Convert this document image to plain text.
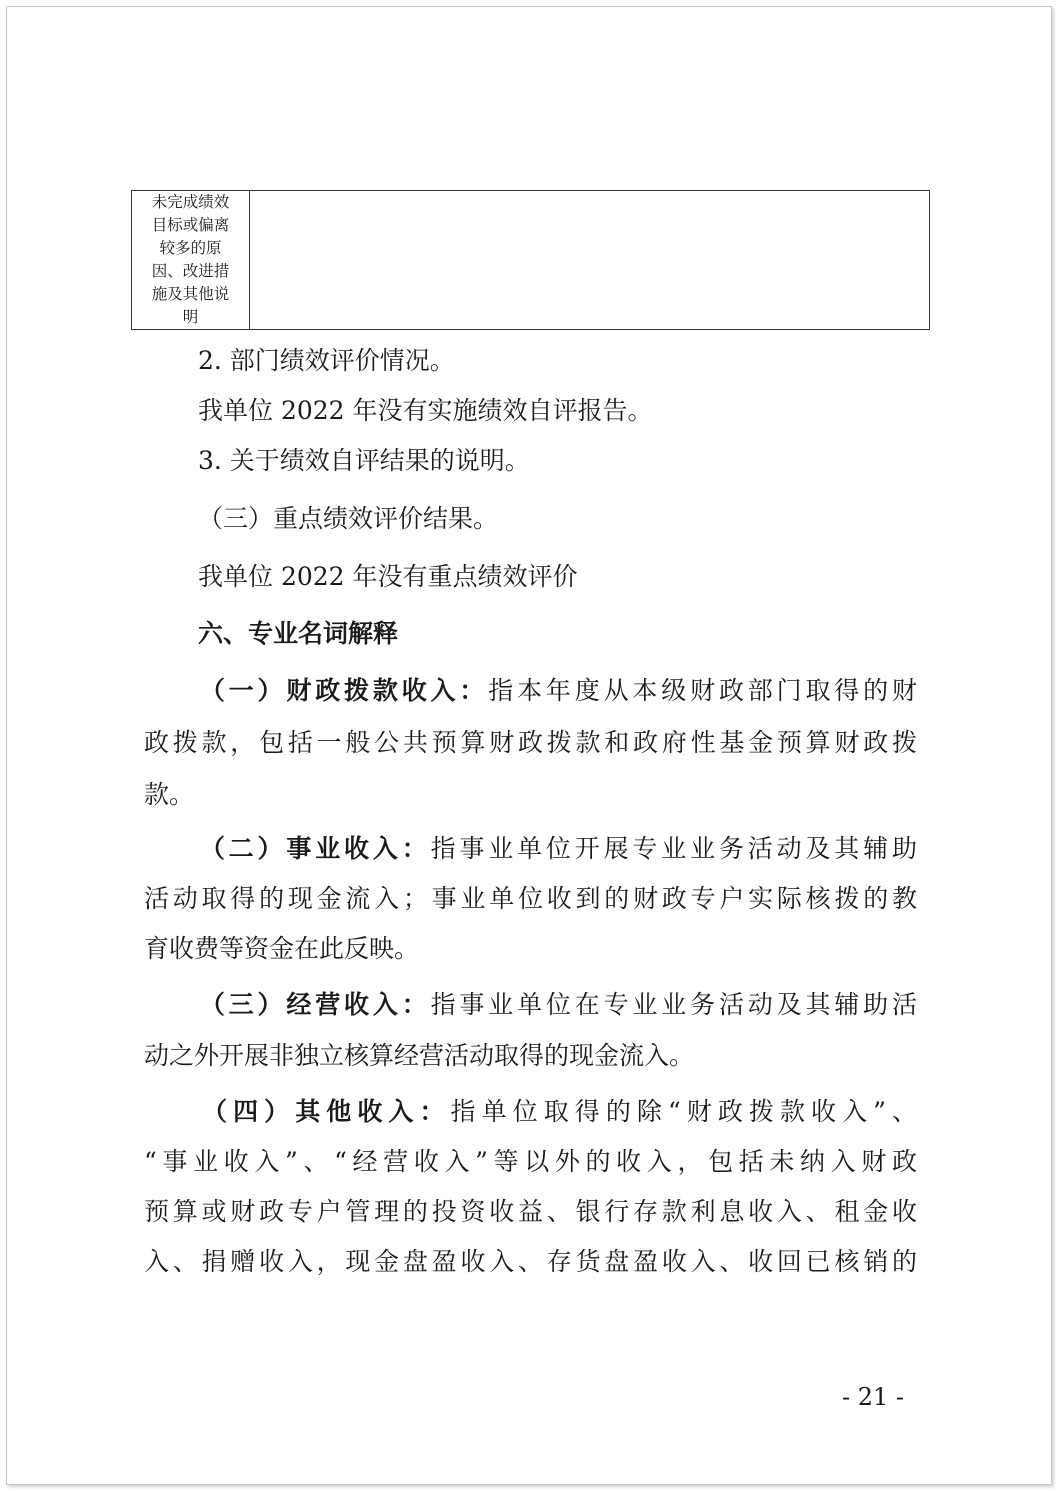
未完成绩效
目标或偏离
较多的原
因、改进措
施及其他说
明
2. 部门绩效评价情况。
我单位 2022 年没有实施绩效自评报告。
3. 关于绩效自评结果的说明。
（三）重点绩效评价结果。
我单位 2022 年没有重点绩效评价
六、专业名词解释
（一）财政拨款收入：指本年度从本级财政部门取得的财
政拨款，包括一般公共预算财政拨款和政府性基金预算财政拨
款。
（二）事业收入：指事业单位开展专业业务活动及其辅助
活动取得的现金流入；事业单位收到的财政专户实际核拨的教
育收费等资金在此反映。
（三）经营收入：指事业单位在专业业务活动及其辅助活
动之外开展非独立核算经营活动取得的现金流入。
（四）其他收入：指单位取得的除“财政拨款收入”、
“事业收入”、“经营收入”等以外的收入，包括未纳入财政
预算或财政专户管理的投资收益、银行存款利息收入、租金收
入、捐赠收入，现金盘盈收入、存货盘盈收入、收回已核销的
- 21 -
